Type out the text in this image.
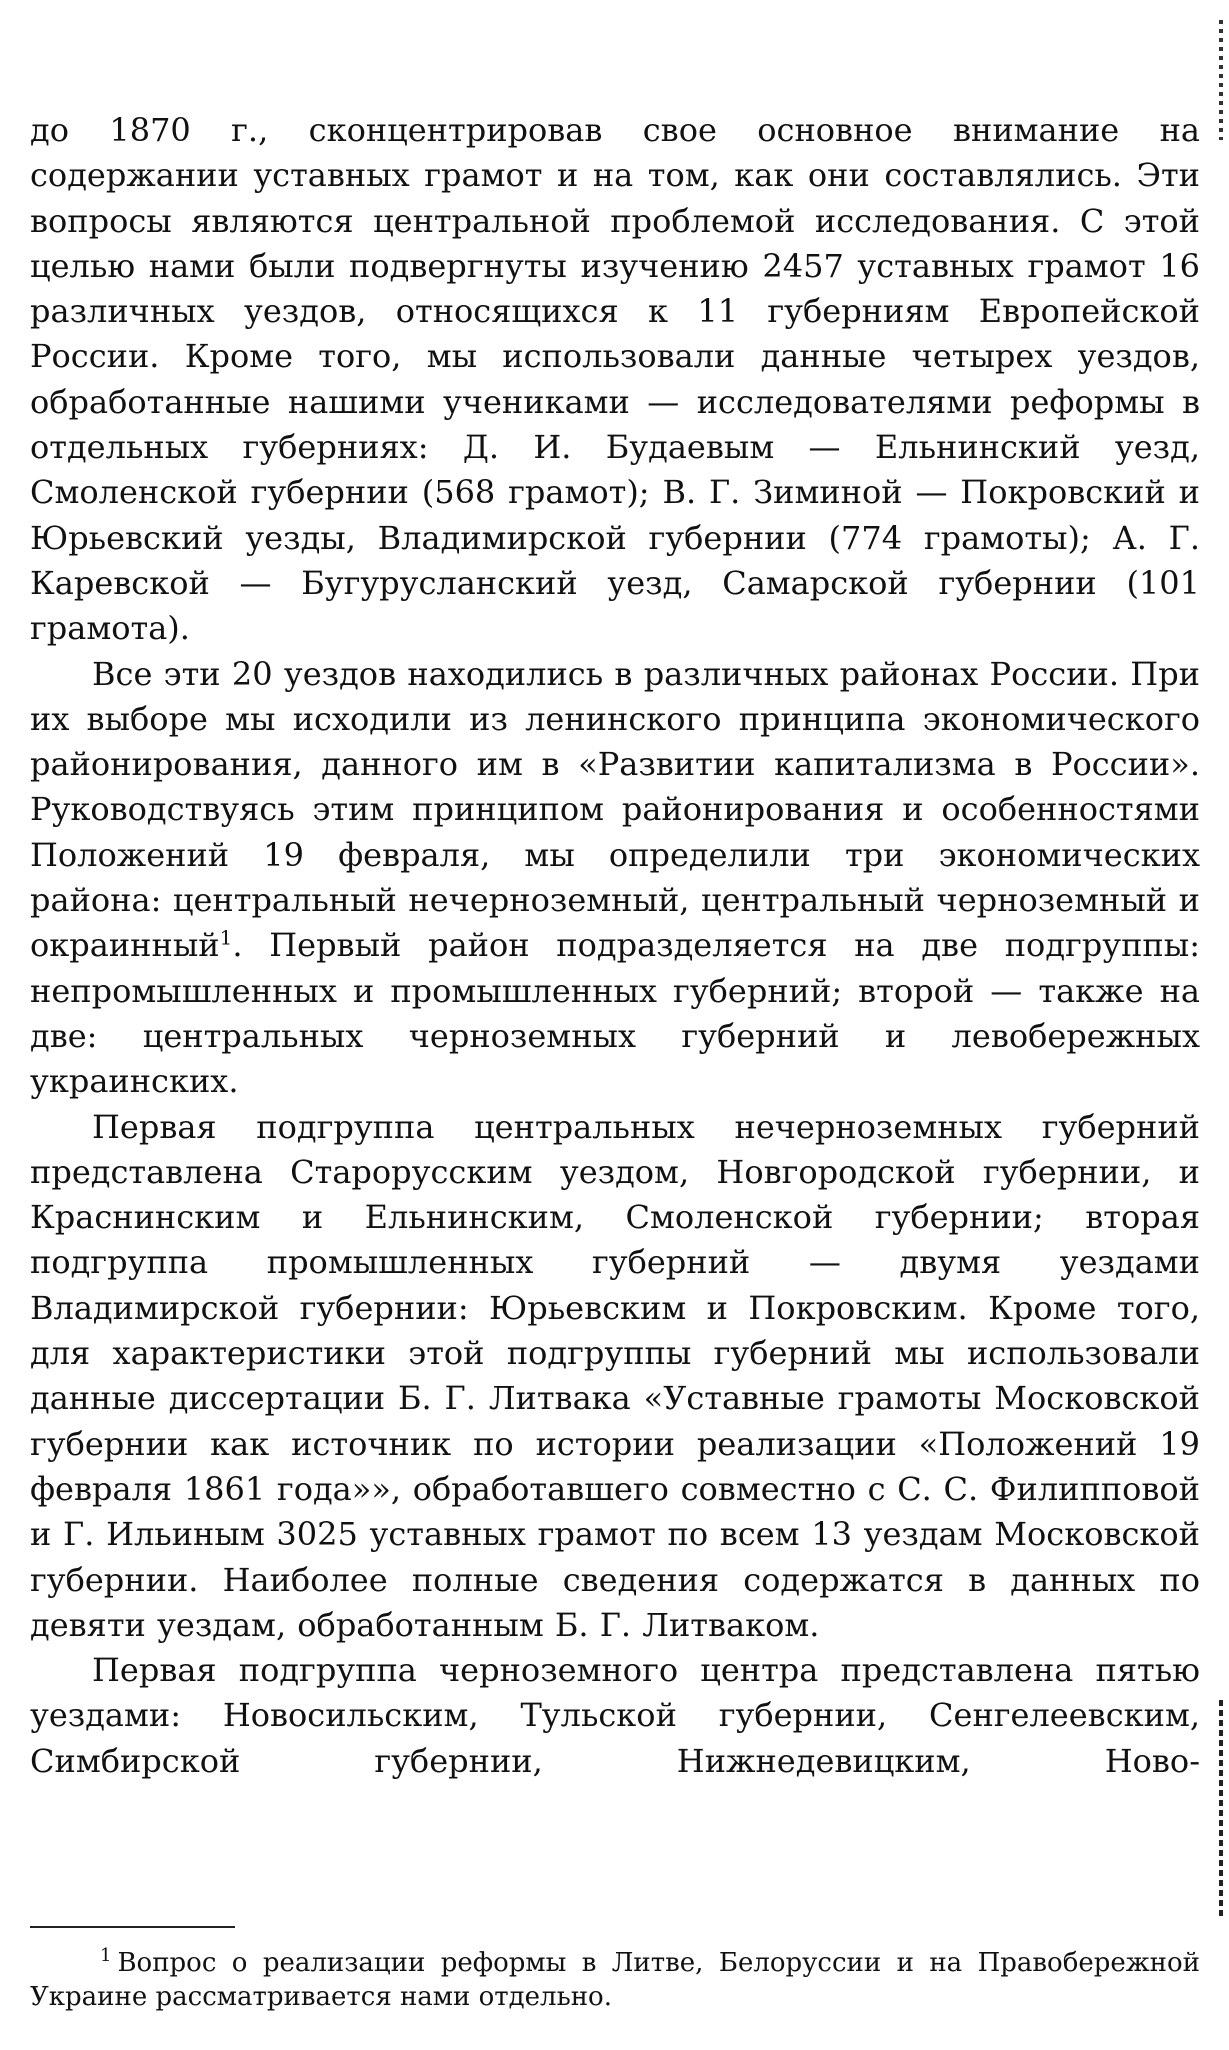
до 1870 г., сконцентрировав свое основное внимание на содержании уставных грамот и на том, как они составлялись. Эти вопросы являются центральной проблемой исследования. С этой целью нами были подвергнуты изучению 2457 уставных грамот 16 различных уездов, относящихся к 11 губерниям Европейской России. Кроме того, мы использовали данные четырех уездов, обработанные нашими учениками — исследователями реформы в отдельных губерниях: Д. И. Будаевым — Ельнинский уезд, Смоленской губернии (568 грамот); В. Г. Зиминой — Покровский и Юрьевский уезды, Владимирской губернии (774 грамоты); А. Г. Каревской — Бугурусланский уезд, Самарской губернии (101 грамота).

Все эти 20 уездов находились в различных районах России. При их выборе мы исходили из ленинского принципа экономического районирования, данного им в «Развитии капитализма в России». Руководствуясь этим принципом районирования и особенностями Положений 19 февраля, мы определили три экономических района: центральный нечерноземный, центральный черноземный и окраинный$^1$. Первый район подразделяется на две подгруппы: непромышленных и промышленных губерний; второй — также на две: центральных черноземных губерний и левобережных украинских.

Первая подгруппа центральных нечерноземных губерний представлена Старорусским уездом, Новгородской губернии, и Краснинским и Ельнинским, Смоленской губернии; вторая подгруппа промышленных губерний — двумя уездами Владимирской губернии: Юрьевским и Покровским. Кроме того, для характеристики этой подгруппы губерний мы использовали данные диссертации Б. Г. Литвака «Уставные грамоты Московской губернии как источник по истории реализации «Положений 19 февраля 1861 года»», обработавшего совместно с С. С. Филипповой и Г. Ильиным 3025 уставных грамот по всем 13 уездам Московской губернии. Наиболее полные сведения содержатся в данных по девяти уездам, обработанным Б. Г. Литваком.

Первая подгруппа черноземного центра представлена пятью уездами: Новосильским, Тульской губернии, Сенгелеевским, Симбирской губернии, Нижнедевицким, Ново-

$^1$ Вопрос о реализации реформы в Литве, Белоруссии и на Правобережной Украине рассматривается нами отдельно.
